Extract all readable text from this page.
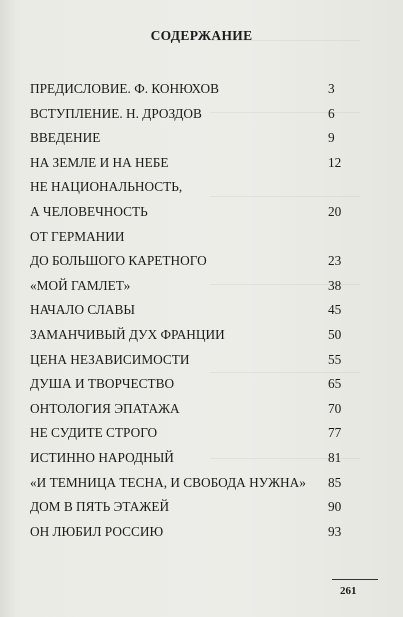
СОДЕРЖАНИЕ
ПРЕДИСЛОВИЕ. Ф. КОНЮХОВ	3
ВСТУПЛЕНИЕ. Н. ДРОЗДОВ	6
ВВЕДЕНИЕ	9
НА ЗЕМЛЕ И НА НЕБЕ	12
НЕ НАЦИОНАЛЬНОСТЬ,
А ЧЕЛОВЕЧНОСТЬ	20
ОТ ГЕРМАНИИ
ДО БОЛЬШОГО КАРЕТНОГО	23
«МОЙ ГАМЛЕТ»	38
НАЧАЛО СЛАВЫ	45
ЗАМАНЧИВЫЙ ДУХ ФРАНЦИИ	50
ЦЕНА НЕЗАВИСИМОСТИ	55
ДУША И ТВОРЧЕСТВО	65
ОНТОЛОГИЯ ЭПАТАЖА	70
НЕ СУДИТЕ СТРОГО	77
ИСТИННО НАРОДНЫЙ	81
«И ТЕМНИЦА ТЕСНА, И СВОБОДА НУЖНА» 85
ДОМ В ПЯТЬ ЭТАЖЕЙ	90
ОН ЛЮБИЛ РОССИЮ	93
261
